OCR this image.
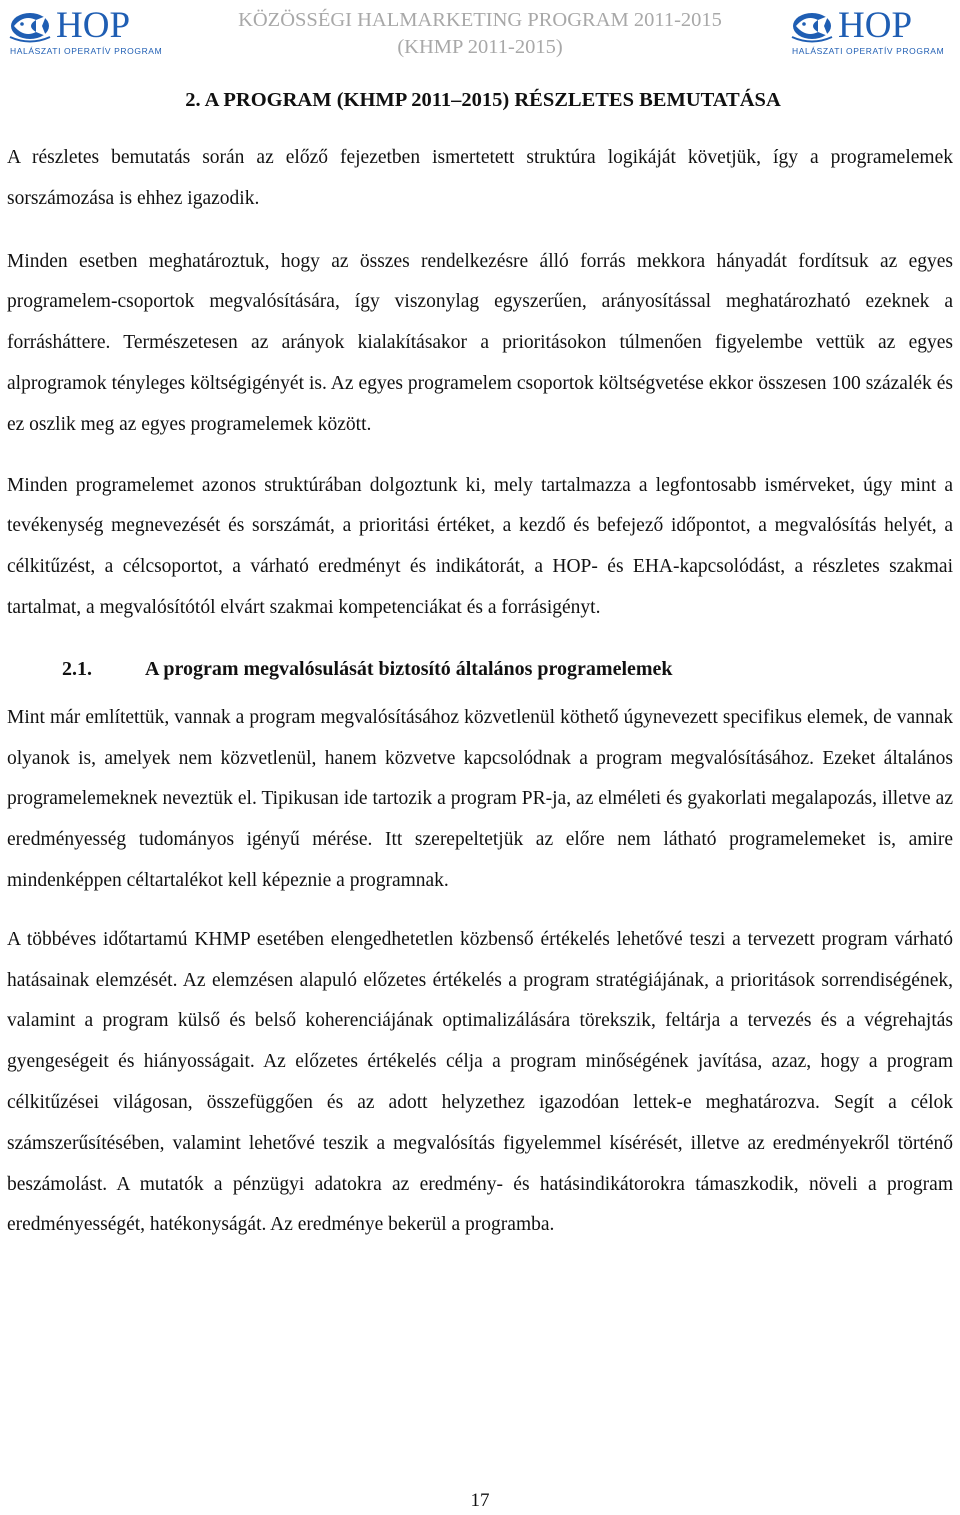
HOP
HALÁSZATI OPERATÍV PROGRAM
KÖZÖSSÉGI HALMARKETING PROGRAM 2011-2015
(KHMP 2011-2015)
HOP
HALÁSZATI OPERATÍV PROGRAM
2. A PROGRAM (KHMP 2011–2015) RÉSZLETES BEMUTATÁSA

A részletes bemutatás során az előző fejezetben ismertetett struktúra logikáját követjük, így a programelemek sorszámozása is ehhez igazodik.

Minden esetben meghatároztuk, hogy az összes rendelkezésre álló forrás mekkora hányadát fordítsuk az egyes programelem-csoportok megvalósítására, így viszonylag egyszerűen, arányosítással meghatározható ezeknek a forrásháttere. Természetesen az arányok kialakításakor a prioritásokon túlmenően figyelembe vettük az egyes alprogramok tényleges költségigényét is. Az egyes programelem csoportok költségvetése ekkor összesen 100 százalék és ez oszlik meg az egyes programelemek között.

Minden programelemet azonos struktúrában dolgoztunk ki, mely tartalmazza a legfontosabb ismérveket, úgy mint a tevékenység megnevezését és sorszámát, a prioritási értéket, a kezdő és befejező időpontot, a megvalósítás helyét, a célkitűzést, a célcsoportot, a várható eredményt és indikátorát, a HOP- és EHA-kapcsolódást, a részletes szakmai tartalmat, a megvalósítótól elvárt szakmai kompetenciákat és a forrásigényt.

2.1.	A program megvalósulását biztosító általános programelemek

Mint már említettük, vannak a program megvalósításához közvetlenül köthető úgynevezett specifikus elemek, de vannak olyanok is, amelyek nem közvetlenül, hanem közvetve kapcsolódnak a program megvalósításához. Ezeket általános programelemeknek neveztük el. Tipikusan ide tartozik a program PR-ja, az elméleti és gyakorlati megalapozás, illetve az eredményesség tudományos igényű mérése. Itt szerepeltetjük az előre nem látható programelemeket is, amire mindenképpen céltartalékot kell képeznie a programnak.

A többéves időtartamú KHMP esetében elengedhetetlen közbenső értékelés lehetővé teszi a tervezett program várható hatásainak elemzését. Az elemzésen alapuló előzetes értékelés a program stratégiájának, a prioritások sorrendiségének, valamint a program külső és belső koherenciájának optimalizálására törekszik, feltárja a tervezés és a végrehajtás gyengeségeit és hiányosságait. Az előzetes értékelés célja a program minőségének javítása, azaz, hogy a program célkitűzései világosan, összefüggően és az adott helyzethez igazodóan lettek-e meghatározva. Segít a célok számszerűsítésében, valamint lehetővé teszik a megvalósítás figyelemmel kísérését, illetve az eredményekről történő beszámolást. A mutatók a pénzügyi adatokra az eredmény- és hatásindikátorokra támaszkodik, növeli a program eredményességét, hatékonyságát. Az eredménye bekerül a programba.

17
